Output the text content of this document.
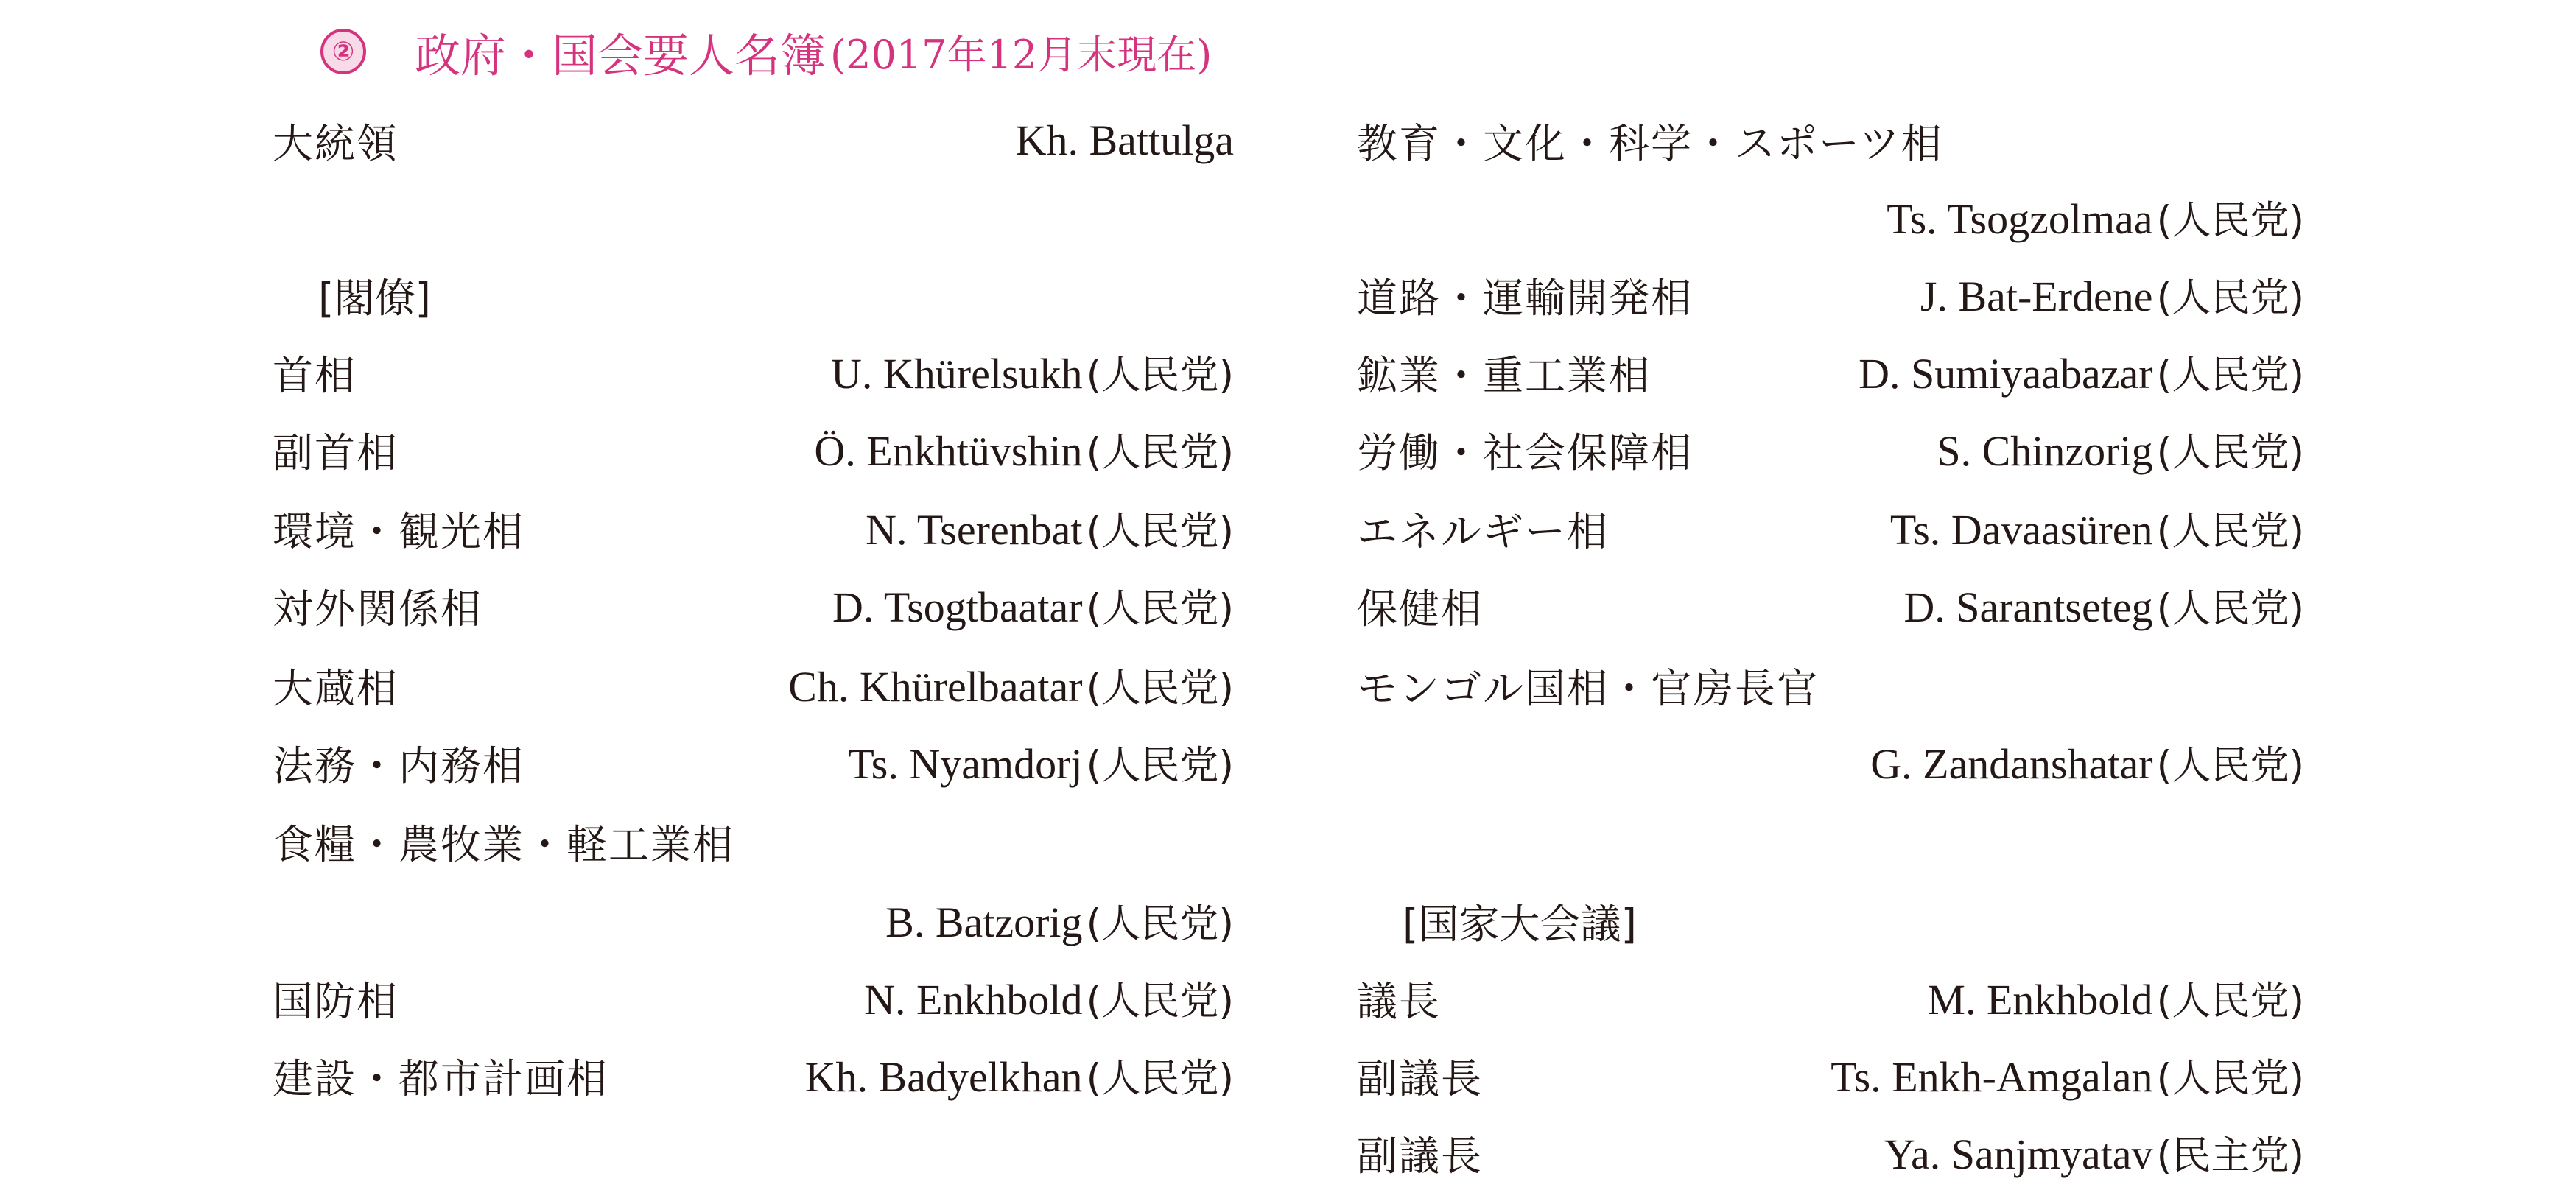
② 政府・国会要人名簿 (2017年12月末現在)
大統領	Kh. Battulga
[閣僚]
首相	U. Khürelsukh (人民党)
副首相	Ö. Enkhtüvshin (人民党)
環境・観光相	N. Tserenbat (人民党)
対外関係相	D. Tsogtbaatar (人民党)
大蔵相	Ch. Khürelbaatar (人民党)
法務・内務相	Ts. Nyamdorj (人民党)
食糧・農牧業・軽工業相
B. Batzorig (人民党)
国防相	N. Enkhbold (人民党)
建設・都市計画相	Kh. Badyelkhan (人民党)
教育・文化・科学・スポーツ相
Ts. Tsogzolmaa (人民党)
道路・運輸開発相	J. Bat-Erdene (人民党)
鉱業・重工業相	D. Sumiyaabazar (人民党)
労働・社会保障相	S. Chinzorig (人民党)
エネルギー相	Ts. Davaasüren (人民党)
保健相	D. Sarantseteg (人民党)
モンゴル国相・官房長官
G. Zandanshatar (人民党)
[国家大会議]
議長	M. Enkhbold (人民党)
副議長	Ts. Enkh-Amgalan (人民党)
副議長	Ya. Sanjmyatav (民主党)
